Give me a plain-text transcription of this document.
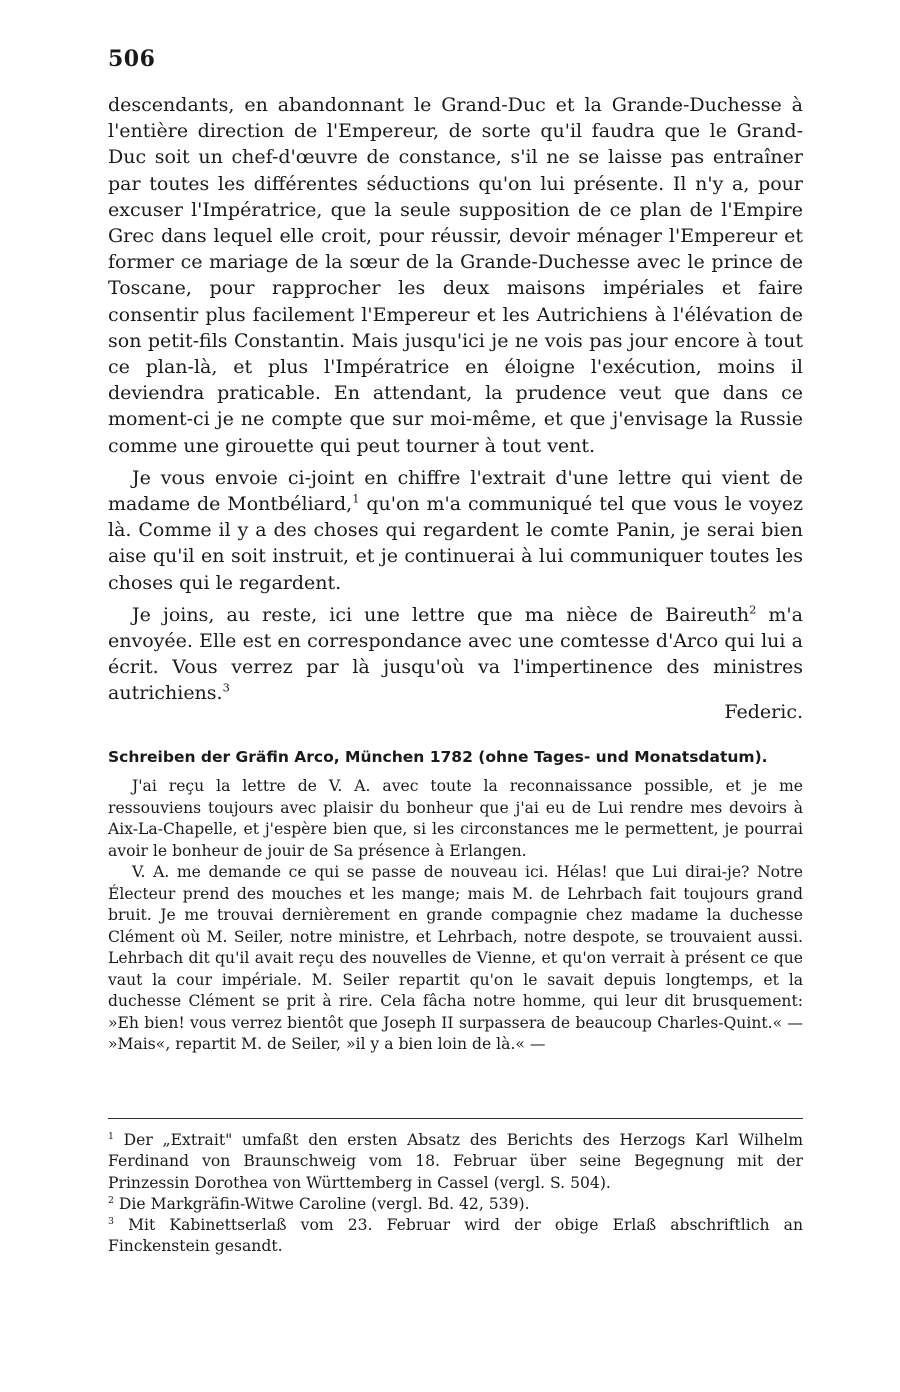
506

descendants, en abandonnant le Grand-Duc et la Grande-Duchesse à l'entière direction de l'Empereur, de sorte qu'il faudra que le Grand-Duc soit un chef-d'œuvre de constance, s'il ne se laisse pas entraîner par toutes les différentes séductions qu'on lui présente. Il n'y a, pour excuser l'Impératrice, que la seule supposition de ce plan de l'Empire Grec dans lequel elle croit, pour réussir, devoir ménager l'Empereur et former ce mariage de la sœur de la Grande-Duchesse avec le prince de Toscane, pour rapprocher les deux maisons impériales et faire consentir plus facilement l'Empereur et les Autrichiens à l'élévation de son petit-fils Constantin. Mais jusqu'ici je ne vois pas jour encore à tout ce plan-là, et plus l'Impératrice en éloigne l'exécution, moins il deviendra praticable. En attendant, la prudence veut que dans ce moment-ci je ne compte que sur moi-même, et que j'envisage la Russie comme une girouette qui peut tourner à tout vent.

Je vous envoie ci-joint en chiffre l'extrait d'une lettre qui vient de madame de Montbéliard,$^1$ qu'on m'a communiqué tel que vous le voyez là. Comme il y a des choses qui regardent le comte Panin, je serai bien aise qu'il en soit instruit, et je continuerai à lui communiquer toutes les choses qui le regardent.

Je joins, au reste, ici une lettre que ma nièce de Baireuth$^2$ m'a envoyée. Elle est en correspondance avec une comtesse d'Arco qui lui a écrit. Vous verrez par là jusqu'où va l'impertinence des ministres autrichiens.$^3$

Federic.
Schreiben der Gräfin Arco, München 1782 (ohne Tages- und Monatsdatum).

J'ai reçu la lettre de V. A. avec toute la reconnaissance possible, et je me ressouviens toujours avec plaisir du bonheur que j'ai eu de Lui rendre mes devoirs à Aix-La-Chapelle, et j'espère bien que, si les circonstances me le permettent, je pourrai avoir le bonheur de jouir de Sa présence à Erlangen.

V. A. me demande ce qui se passe de nouveau ici. Hélas! que Lui dirai-je? Notre Électeur prend des mouches et les mange; mais M. de Lehrbach fait toujours grand bruit. Je me trouvai dernièrement en grande compagnie chez madame la duchesse Clément où M. Seiler, notre ministre, et Lehrbach, notre despote, se trouvaient aussi. Lehrbach dit qu'il avait reçu des nouvelles de Vienne, et qu'on verrait à présent ce que vaut la cour impériale. M. Seiler repartit qu'on le savait depuis longtemps, et la duchesse Clément se prit à rire. Cela fâcha notre homme, qui leur dit brusquement: »Eh bien! vous verrez bientôt que Joseph II surpassera de beaucoup Charles-Quint.« — »Mais«, repartit M. de Seiler, »il y a bien loin de là.« —

$^1$ Der „Extrait" umfaßt den ersten Absatz des Berichts des Herzogs Karl Wilhelm Ferdinand von Braunschweig vom 18. Februar über seine Begegnung mit der Prinzessin Dorothea von Württemberg in Cassel (vergl. S. 504).

$^2$ Die Markgräfin-Witwe Caroline (vergl. Bd. 42, 539).

$^3$ Mit Kabinettserlaß vom 23. Februar wird der obige Erlaß abschriftlich an Finckenstein gesandt.
